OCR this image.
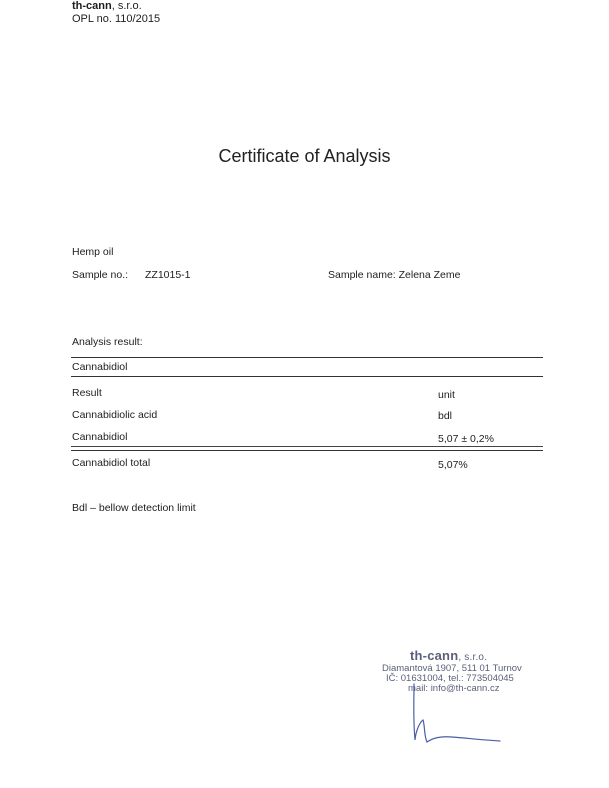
th-cann, s.r.o.
OPL no. 110/2015
Certificate of Analysis
Hemp oil
Sample no.: ZZ1015-1	Sample name: Zelena Zeme
Analysis result:
Cannabidiol
Result	unit
Cannabidiolic acid	bdl
Cannabidiol	5,07 ± 0,2%
Cannabidiol total	5,07%
Bdl – bellow detection limit
th-cann, s.r.o.
Diamantová 1907, 511 01 Turnov
IČ: 01631004, tel.: 773504045
mail: info@th-cann.cz
